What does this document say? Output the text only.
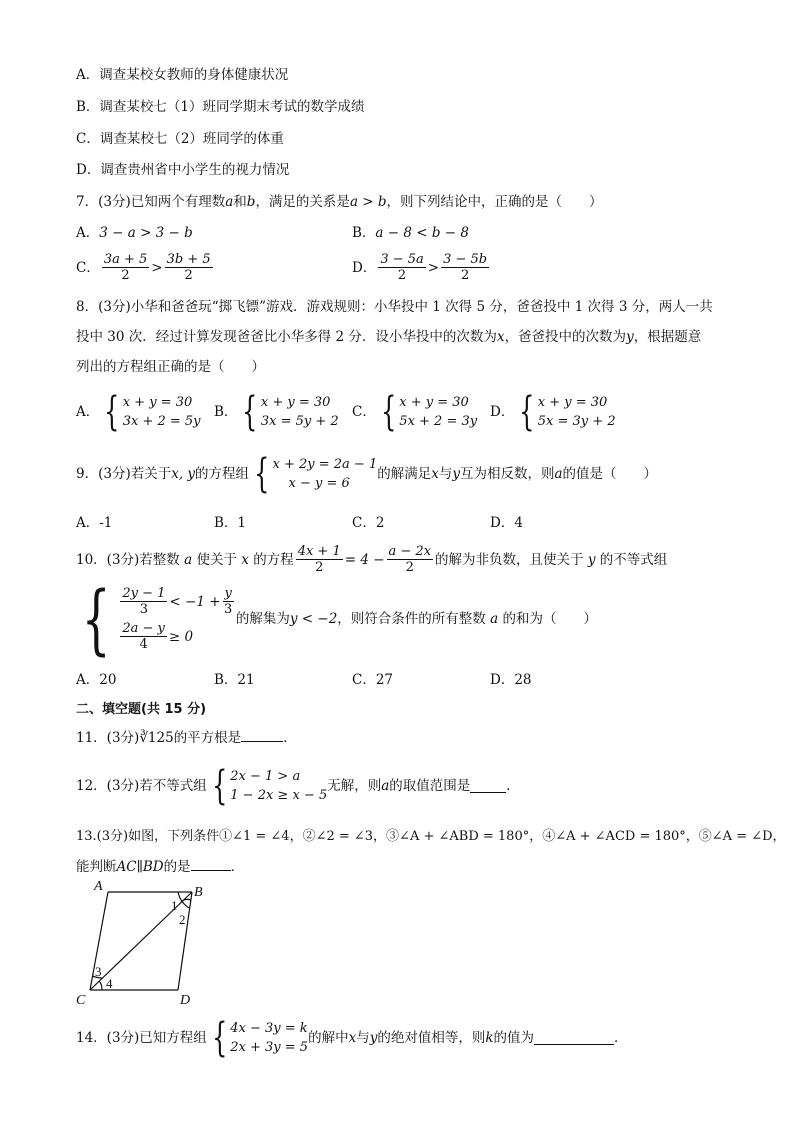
A．调查某校女教师的身体健康状况
B．调查某校七（1）班同学期末考试的数学成绩
C．调查某校七（2）班同学的体重
D．调查贵州省中小学生的视力情况
7．(3分)已知两个有理数a和b，满足的关系是a > b，则下列结论中，正确的是（　　）
A．3 − a > 3 − b	B．a − 8 < b − 8
C． $\frac{3a + 5}{2} > \frac{3b + 5}{2}$	D． $\frac{3 - 5a}{2} > \frac{3 - 5b}{2}$
8．(3分)小华和爸爸玩“掷飞镖”游戏．游戏规则：小华投中 1 次得 5 分，爸爸投中 1 次得 3 分，两人一共
投中 30 次．经过计算发现爸爸比小华多得 2 分．设小华投中的次数为x，爸爸投中的次数为y，根据题意
列出的方程组正确的是（　　）
A． { x + y = 30
3x + 2 = 5y
B． { x + y = 30
3x = 5y + 2
C． { x + y = 30
5x + 2 = 3y
D． { x + y = 30
5x = 3y + 2
9．(3分)若关于x, y的方程组 { x + 2y = 2a − 1
x − y = 6
的解满足x与y互为相反数，则a的值是（　　）
A．-1	B．1	C．2	D．4
10．(3分)若整数 a 使关于 x 的方程 $\frac{4x + 1}{2} = 4 - \frac{a - 2x}{2}$ 的解为非负数，且使关于 y 的不等式组
{ $\frac{2y - 1}{3} < -1 + \frac{y}{3}$
$\frac{2a - y}{4} \ge 0$
的解集为y < −2，则符合条件的所有整数 a 的和为（　　）
A．20	B．21	C．27	D．28
二、填空题(共 15 分)
11．(3分)∛125的平方根是	．
12．(3分)若不等式组 { 2x − 1 > a
1 − 2x ≥ x − 5
无解，则a的取值范围是	．
13.(3分)如图，下列条件①∠1 = ∠4，②∠2 = ∠3，③∠A + ∠ABD = 180°，④∠A + ∠ACD = 180°，⑤∠A = ∠D，
能判断AC∥BD的是	．
A	B
C	D
1
2
3
4
14．(3分)已知方程组 { 4x − 3y = k
2x + 3y = 5
的解中x与y的绝对值相等，则k的值为	．
